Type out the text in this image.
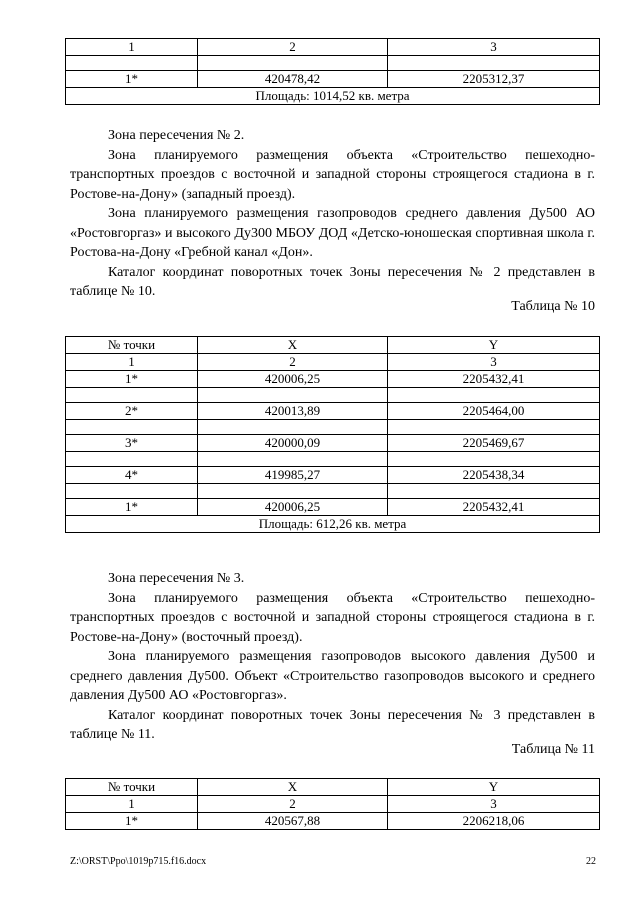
1	2	3

1*	420478,42	2205312,37
Площадь: 1014,52 кв. метра		

Зона пересечения № 2.

Зона планируемого размещения объекта «Строительство пешеходно-транспортных проездов с восточной и западной стороны строящегося стадиона в г. Ростове-на-Дону» (западный проезд).

Зона планируемого размещения газопроводов среднего давления Ду500 АО «Ростовгоргаз» и высокого Ду300 МБОУ ДОД «Детско-юношеская спортивная школа г. Ростова-на-Дону «Гребной канал «Дон».

Каталог координат поворотных точек Зоны пересечения № 2 представлен в таблице № 10.

Таблица № 10
№ точки	X	Y
1	2	3
1*	420006,25	2205432,41

2*	420013,89	2205464,00

3*	420000,09	2205469,67

4*	419985,27	2205438,34

1*	420006,25	2205432,41
Площадь: 612,26 кв. метра		

Зона пересечения № 3.

Зона планируемого размещения объекта «Строительство пешеходно-транспортных проездов с восточной и западной стороны строящегося стадиона в г. Ростове-на-Дону» (восточный проезд).

Зона планируемого размещения газопроводов высокого давления Ду500 и среднего давления Ду500. Объект «Строительство газопроводов высокого и среднего давления Ду500 АО «Ростовгоргаз».

Каталог координат поворотных точек Зоны пересечения № 3 представлен в таблице № 11.

Таблица № 11
№ точки	X	Y
1	2	3
1*	420567,88	2206218,06
Z:\ORST\Ppo\1019p715.f16.docx	22
